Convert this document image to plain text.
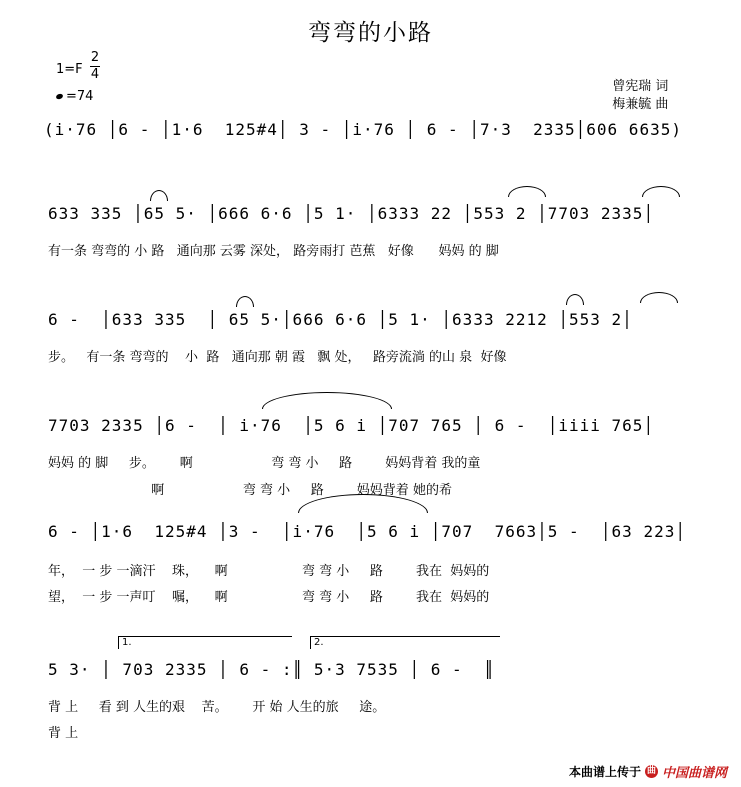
弯弯的小路
1=F
2
4
=74

曾宪瑞 词

梅兼毓 曲

(i·76 │6 - │1·6  125#4│ 3 - │i·76 │ 6 - │7·3  2335│606 6635)
633 335 │65 5· │666 6·6 │5 1· │6333 22 │553 2 │7703 2335│
有一条 弯弯的 小 路   通向那 云雾 深处， 路旁雨打 芭蕉   好像      妈妈 的 脚
6 -  │633 335  │ 65 5·│666 6·6 │5 1· │6333 2212 │553 2│
步。   有一条 弯弯的    小  路   通向那 朝 霞   飘 处，   路旁流淌 的山 泉  好像
7703 2335 │6 -  │ i·76  │5 6 i │707 765 │ 6 -  │iiii 765│
妈妈 的 脚     步。      啊                   弯 弯 小     路        妈妈背着 我的童
啊                   弯 弯 小     路        妈妈背着 她的希
6 - │1·6  125#4 │3 -  │i·76  │5 6 i │707  7663│5 -  │63 223│
年，  一 步 一滴汗    珠，    啊                  弯 弯 小     路        我在  妈妈的
望，  一 步 一声叮    嘱，    啊                  弯 弯 小     路        我在  妈妈的
1.	2.
5 3· │ 703 2335 │ 6 - :║ 5·3 7535 │ 6 -  ║
背 上     看 到 人生的艰    苦。      开 始 人生的旅     途。
背 上
本曲谱上传于 曲 中国曲谱网
